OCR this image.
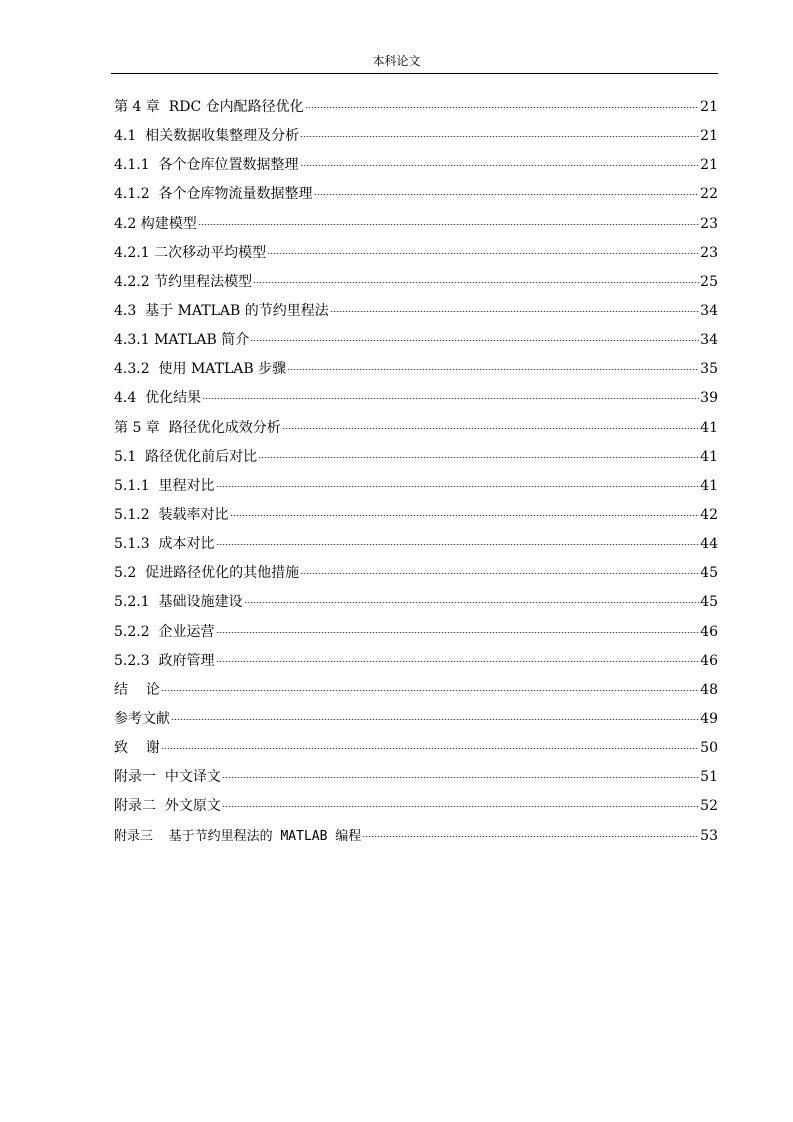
本科论文
第 4 章  RDC 仓内配路径优化	21
4.1  相关数据收集整理及分析	21
4.1.1  各个仓库位置数据整理	21
4.1.2  各个仓库物流量数据整理	22
4.2 构建模型	23
4.2.1 二次移动平均模型	23
4.2.2 节约里程法模型	25
4.3  基于 MATLAB 的节约里程法	34
4.3.1 MATLAB 简介	34
4.3.2  使用 MATLAB 步骤	35
4.4  优化结果	39
第 5 章  路径优化成效分析	41
5.1  路径优化前后对比	41
5.1.1  里程对比	41
5.1.2  装载率对比	42
5.1.3  成本对比	44
5.2  促进路径优化的其他措施	45
5.2.1  基础设施建设	45
5.2.2  企业运营	46
5.2.3  政府管理	46
结    论	48
参考文献	49
致    谢	50
附录一  中文译文	51
附录二  外文原文	52
附录三  基于节约里程法的 MATLAB 编程	53
